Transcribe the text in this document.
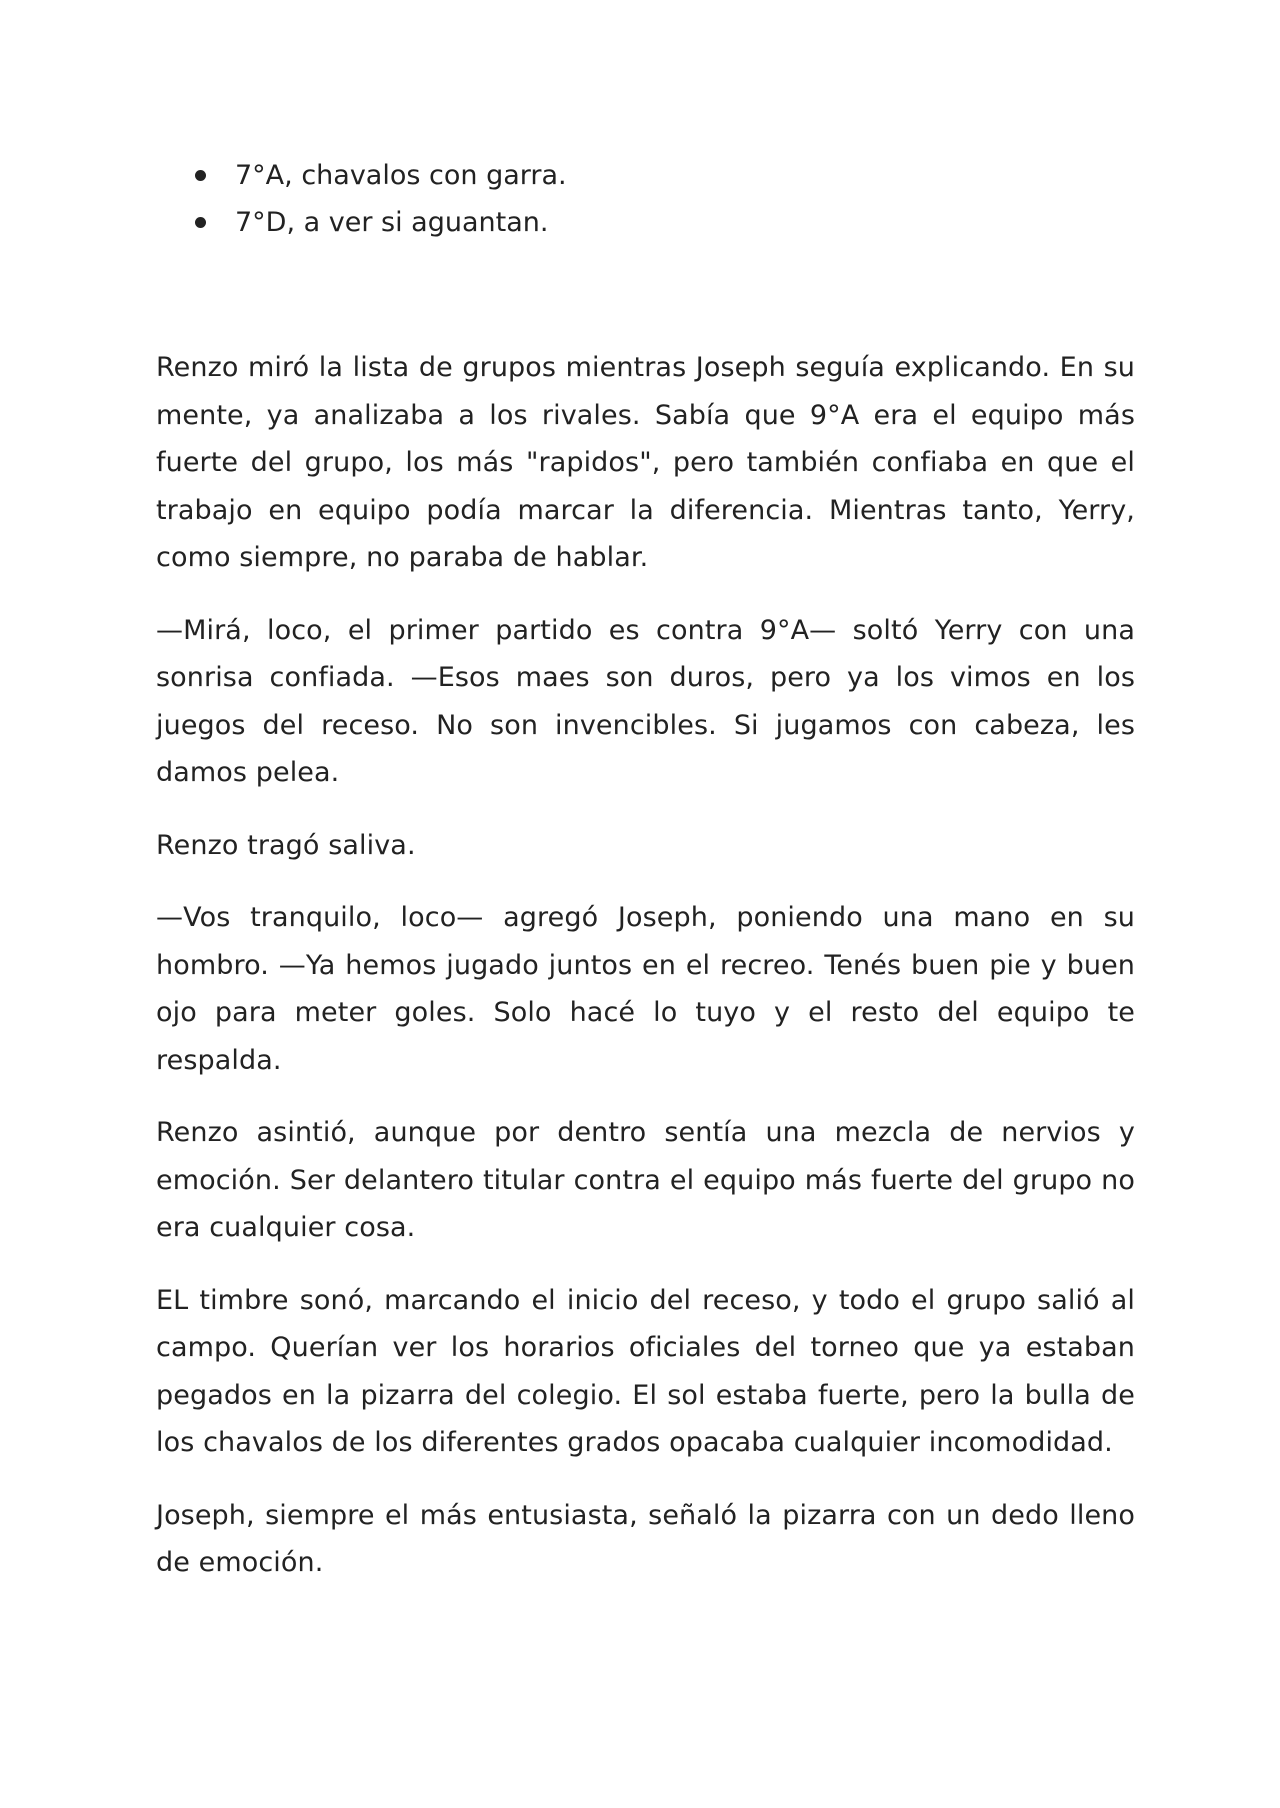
7°A, chavalos con garra.
7°D, a ver si aguantan.

Renzo miró la lista de grupos mientras Joseph seguía explicando. En su mente, ya analizaba a los rivales. Sabía que 9°A era el equipo más fuerte del grupo, los más "rapidos", pero también confiaba en que el trabajo en equipo podía marcar la diferencia. Mientras tanto, Yerry, como siempre, no paraba de hablar.

—Mirá, loco, el primer partido es contra 9°A— soltó Yerry con una sonrisa confiada. —Esos maes son duros, pero ya los vimos en los juegos del receso. No son invencibles. Si jugamos con cabeza, les damos pelea.

Renzo tragó saliva.

—Vos tranquilo, loco— agregó Joseph, poniendo una mano en su hombro. —Ya hemos jugado juntos en el recreo. Tenés buen pie y buen ojo para meter goles. Solo hacé lo tuyo y el resto del equipo te respalda.

Renzo asintió, aunque por dentro sentía una mezcla de nervios y emoción. Ser delantero titular contra el equipo más fuerte del grupo no era cualquier cosa.

EL timbre sonó, marcando el inicio del receso, y todo el grupo salió al campo. Querían ver los horarios oficiales del torneo que ya estaban pegados en la pizarra del colegio. El sol estaba fuerte, pero la bulla de los chavalos de los diferentes grados opacaba cualquier incomodidad.

Joseph, siempre el más entusiasta, señaló la pizarra con un dedo lleno de emoción.
